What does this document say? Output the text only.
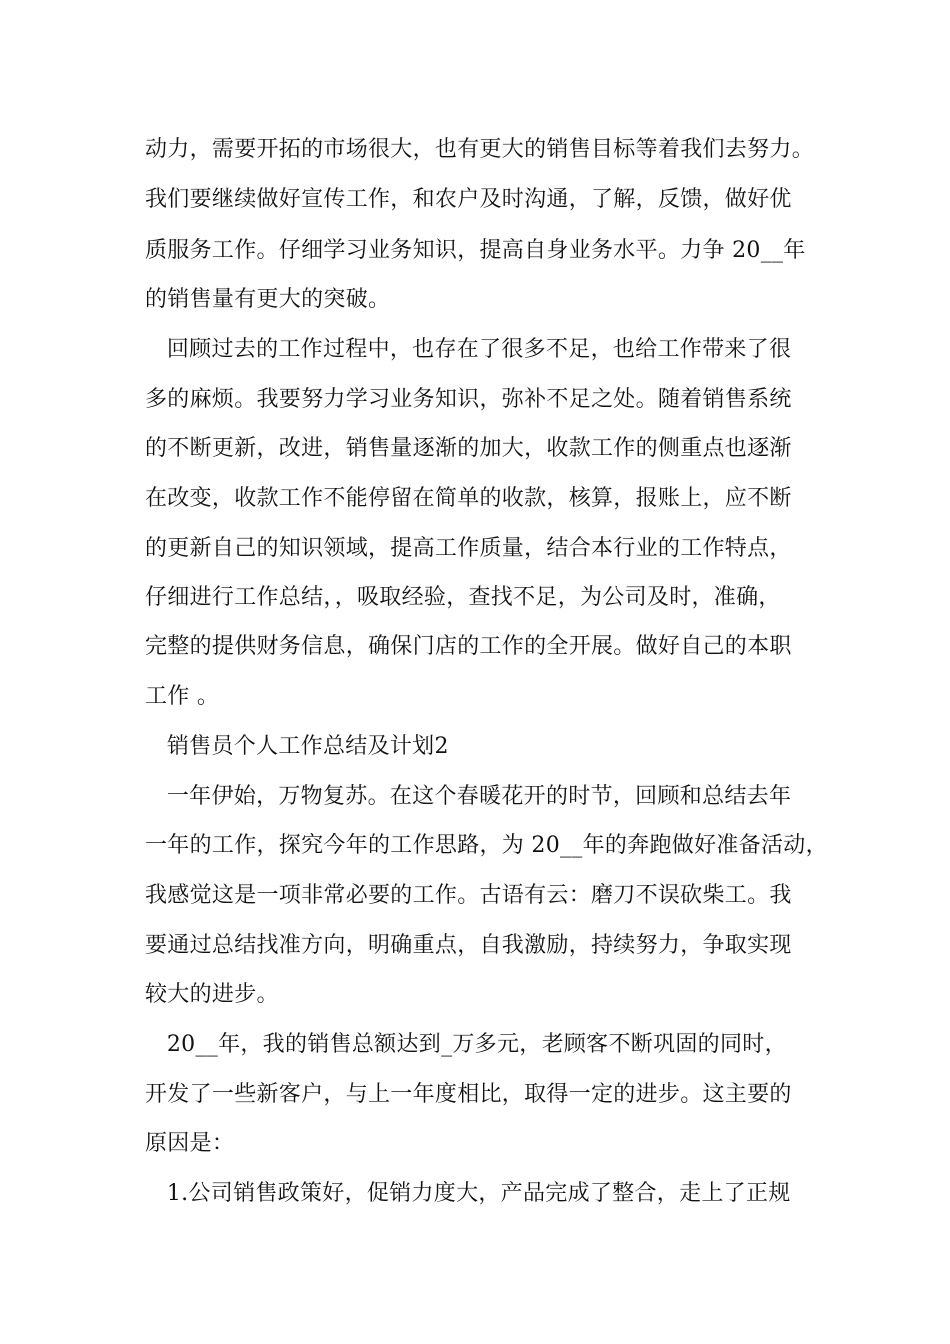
动力，需要开拓的市场很大，也有更大的销售目标等着我们去努力。
我们要继续做好宣传工作，和农户及时沟通，了解，反馈，做好优
质服务工作。仔细学习业务知识，提高自身业务水平。力争 20__年
的销售量有更大的突破。
回顾过去的工作过程中，也存在了很多不足，也给工作带来了很
多的麻烦。我要努力学习业务知识，弥补不足之处。随着销售系统
的不断更新，改进，销售量逐渐的加大，收款工作的侧重点也逐渐
在改变，收款工作不能停留在简单的收款，核算，报账上，应不断
的更新自己的知识领域，提高工作质量，结合本行业的工作特点，
仔细进行工作总结，，吸取经验，查找不足，为公司及时，准确，
完整的提供财务信息，确保门店的工作的全开展。做好自己的本职
工作 。
销售员个人工作总结及计划2
一年伊始，万物复苏。在这个春暖花开的时节，回顾和总结去年
一年的工作，探究今年的工作思路，为 20__年的奔跑做好准备活动，
我感觉这是一项非常必要的工作。古语有云：磨刀不误砍柴工。我
要通过总结找准方向，明确重点，自我激励，持续努力，争取实现
较大的进步。
20__年，我的销售总额达到_万多元，老顾客不断巩固的同时，
开发了一些新客户，与上一年度相比，取得一定的进步。这主要的
原因是：
1.公司销售政策好，促销力度大，产品完成了整合，走上了正规
